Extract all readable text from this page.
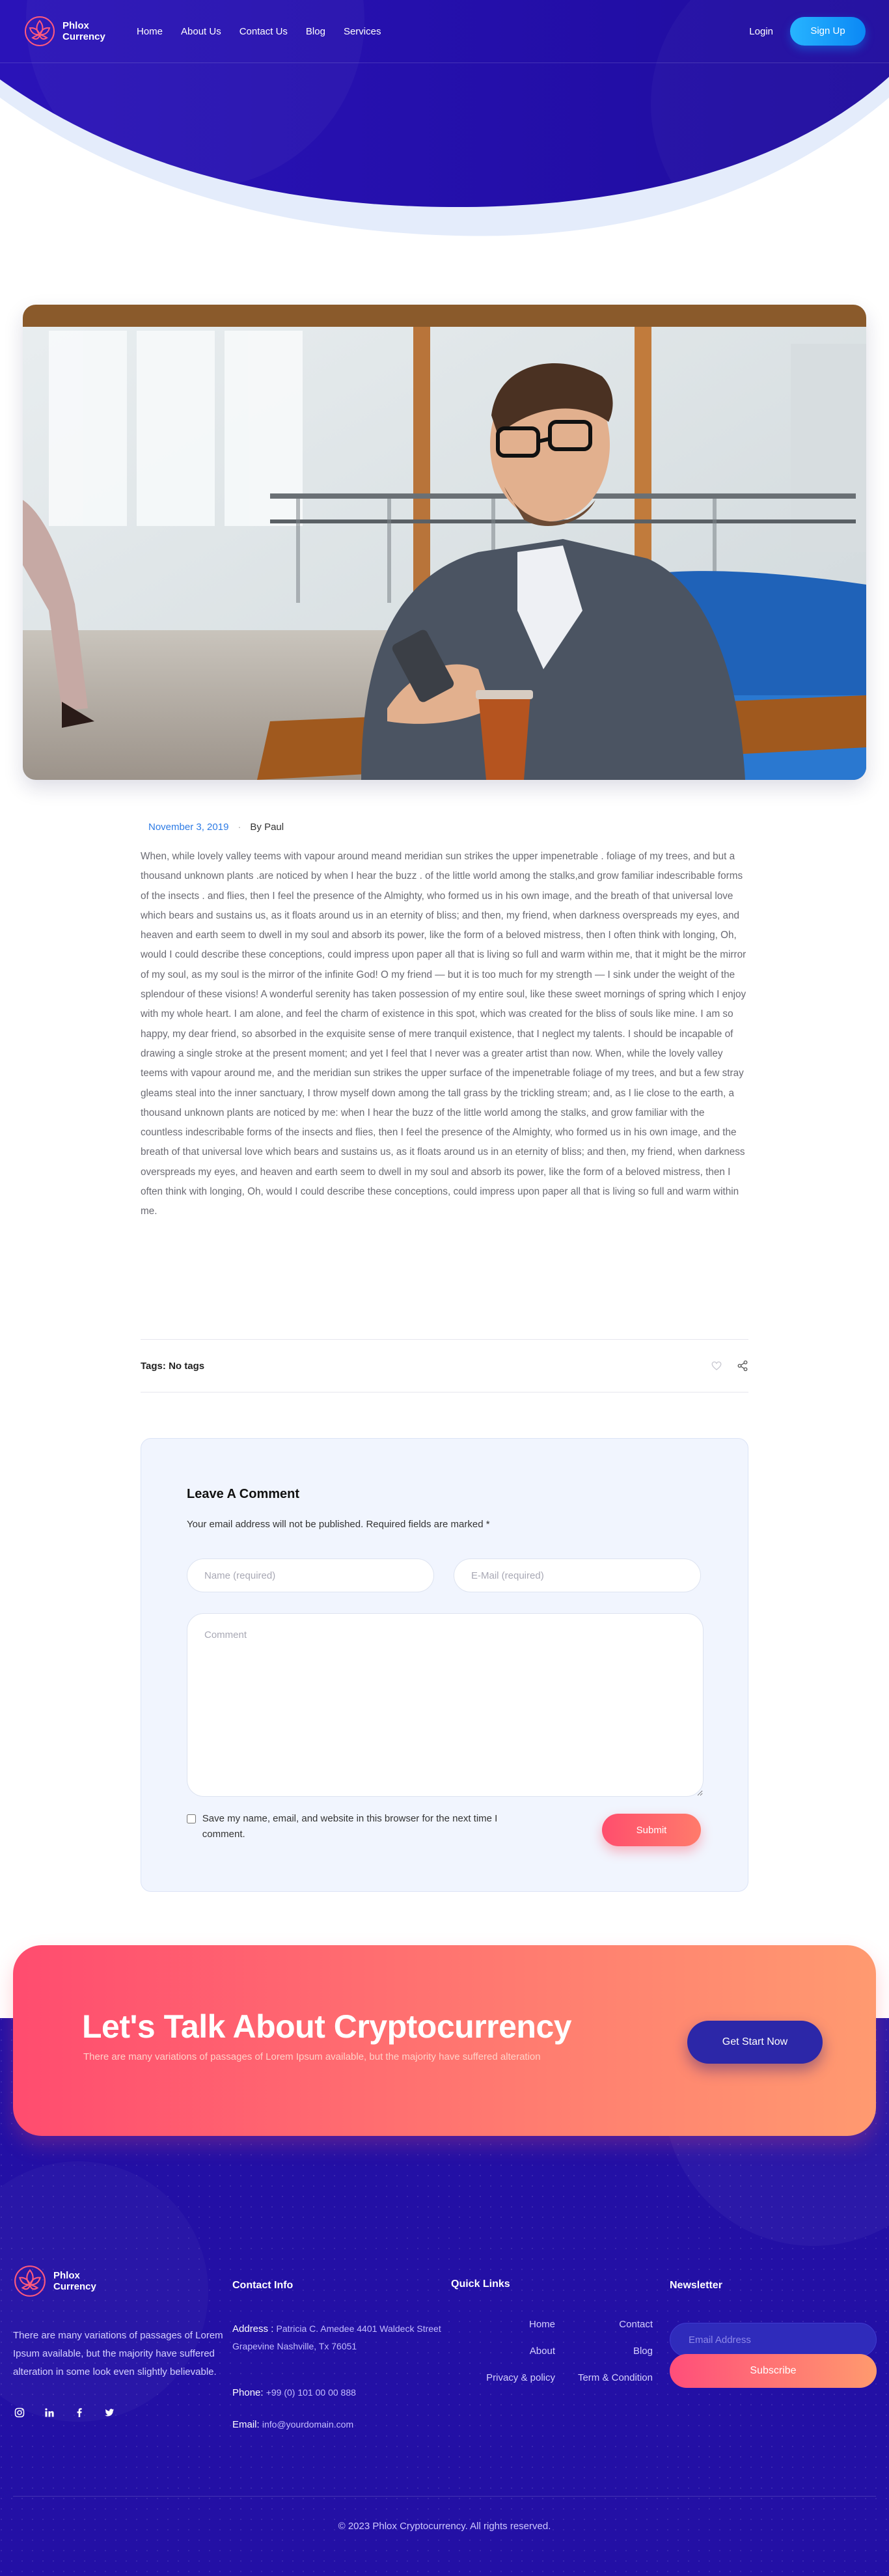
Phlox
Currency	Home About Us Contact Us Blog Services	Login	Sign Up
November 3, 2019 · By Paul

When, while lovely valley teems with vapour around meand meridian sun strikes the upper impenetrable . foliage of my trees, and but a thousand unknown plants .are noticed by when I hear the buzz . of the little world among the stalks,and grow familiar indescribable forms of the insects . and flies, then I feel the presence of the Almighty, who formed us in his own image, and the breath of that universal love which bears and sustains us, as it floats around us in an eternity of bliss; and then, my friend, when darkness overspreads my eyes, and heaven and earth seem to dwell in my soul and absorb its power, like the form of a beloved mistress, then I often think with longing, Oh, would I could describe these conceptions, could impress upon paper all that is living so full and warm within me, that it might be the mirror of my soul, as my soul is the mirror of the infinite God! O my friend — but it is too much for my strength — I sink under the weight of the splendour of these visions! A wonderful serenity has taken possession of my entire soul, like these sweet mornings of spring which I enjoy with my whole heart. I am alone, and feel the charm of existence in this spot, which was created for the bliss of souls like mine. I am so happy, my dear friend, so absorbed in the exquisite sense of mere tranquil existence, that I neglect my talents. I should be incapable of drawing a single stroke at the present moment; and yet I feel that I never was a greater artist than now. When, while the lovely valley teems with vapour around me, and the meridian sun strikes the upper surface of the impenetrable foliage of my trees, and but a few stray gleams steal into the inner sanctuary, I throw myself down among the tall grass by the trickling stream; and, as I lie close to the earth, a thousand unknown plants are noticed by me: when I hear the buzz of the little world among the stalks, and grow familiar with the countless indescribable forms of the insects and flies, then I feel the presence of the Almighty, who formed us in his own image, and the breath of that universal love which bears and sustains us, as it floats around us in an eternity of bliss; and then, my friend, when darkness overspreads my eyes, and heaven and earth seem to dwell in my soul and absorb its power, like the form of a beloved mistress, then I often think with longing, Oh, would I could describe these conceptions, could impress upon paper all that is living so full and warm within me.

Tags: No tags
Leave A Comment

Your email address will not be published. Required fields are marked *

Name (required)
E-Mail (required)
Comment
Save my name, email, and website in this browser for the next time I comment.	Submit
Let's Talk About Cryptocurrency

There are many variations of passages of Lorem Ipsum available, but the majority have suffered alteration

Get Start Now
Phlox
Currency

There are many variations of passages of Lorem Ipsum available, but the majority have suffered alteration in some look even slightly believable.

Contact Info
Address : Patricia C. Amedee 4401 Waldeck Street Grapevine Nashville, Tx 76051
Phone: +99 (0) 101 00 00 888
Email: info@yourdomain.com
Quick Links
Home	Contact
About	Blog
Privacy & policy	Term & Condition
Newsletter
Email Address
Subscribe
© 2023 Phlox Cryptocurrency. All rights reserved.
